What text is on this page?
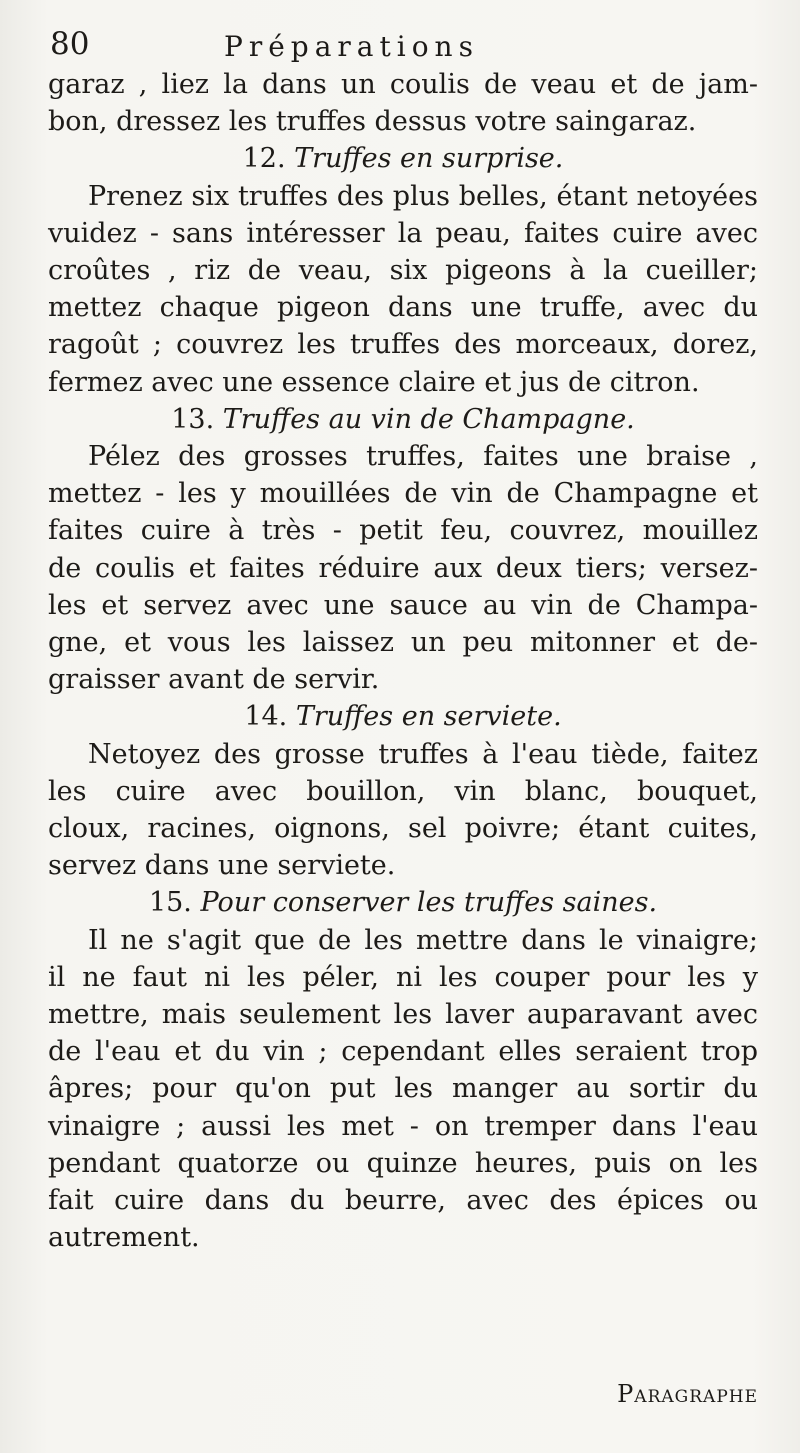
80	Préparations
garaz , liez la dans un coulis de veau et de jam-
bon, dressez les truffes dessus votre saingaraz.
12. Truffes en surprise.
Prenez six truffes des plus belles, étant netoyées
vuidez - sans intéresser la peau, faites cuire avec
croûtes , riz de veau, six pigeons à la cueiller;
mettez chaque pigeon dans une truffe, avec du
ragoût ; couvrez les truffes des morceaux, dorez,
fermez avec une essence claire et jus de citron.
13. Truffes au vin de Champagne.
Pélez des grosses truffes, faites une braise ,
mettez - les y mouillées de vin de Champagne et
faites cuire à très - petit feu, couvrez, mouillez
de coulis et faites réduire aux deux tiers; versez-
les et servez avec une sauce au vin de Champa-
gne, et vous les laissez un peu mitonner et de-
graisser avant de servir.
14. Truffes en serviete.
Netoyez des grosse truffes à l'eau tiède, faitez
les cuire avec bouillon, vin blanc, bouquet,
cloux, racines, oignons, sel poivre; étant cuites,
servez dans une serviete.
15. Pour conserver les truffes saines.
Il ne s'agit que de les mettre dans le vinaigre;
il ne faut ni les péler, ni les couper pour les y
mettre, mais seulement les laver auparavant avec
de l'eau et du vin ; cependant elles seraient trop
âpres; pour qu'on put les manger au sortir du
vinaigre ; aussi les met - on tremper dans l'eau
pendant quatorze ou quinze heures, puis on les
fait cuire dans du beurre, avec des épices ou
autrement.
Paragraphe
